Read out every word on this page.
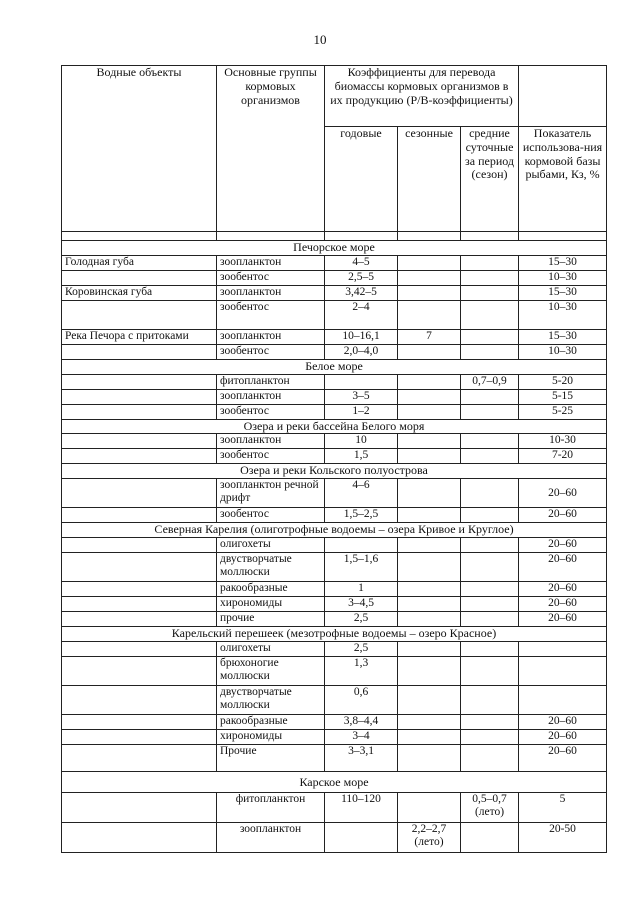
10
Водные объекты	Основные группы кормовых организмов	Коэффициенты для перевода биомассы кормовых организмов в их продукцию (Р/В-коэффициенты)			
		годовые	сезонные	средние суточные за период (сезон)	Показатель использова-ния кормовой базы рыбами, Кз, %

Печорское море					
Голодная губа	зоопланктон	4–5			15–30
	зообентос	2,5–5			10–30
Коровинская губа	зоопланктон	3,42–5			15–30
	зообентос	2–4			10–30
Река Печора с притоками	зоопланктон	10–16,1	7		15–30
	зообентос	2,0–4,0			10–30
Белое море					
	фитопланктон			0,7–0,9	5-20
	зоопланктон	3–5			5-15
	зообентос	1–2			5-25
Озера и реки бассейна Белого моря					
	зоопланктон	10			10-30
	зообентос	1,5			7-20
Озера и реки Кольского полуострова					
	зоопланктон речной дрифт	4–6			20–60
	зообентос	1,5–2,5			20–60
Северная Карелия (олиготрофные водоемы – озера Кривое и Круглое)					
	олигохеты				20–60
	двустворчатые моллюски	1,5–1,6			20–60
	ракообразные	1			20–60
	хирономиды	3–4,5			20–60
	прочие	2,5			20–60
Карельский перешеек (мезотрофные водоемы – озеро Красное)					
	олигохеты	2,5			
	брюхоногие моллюски	1,3			
	двустворчатые моллюски	0,6			
	ракообразные	3,8–4,4			20–60
	хирономиды	3–4			20–60
	Прочие	3–3,1			20–60
Карское море					
	фитопланктон	110–120		0,5–0,7 (лето)	5
	зоопланктон		2,2–2,7 (лето)		20-50
